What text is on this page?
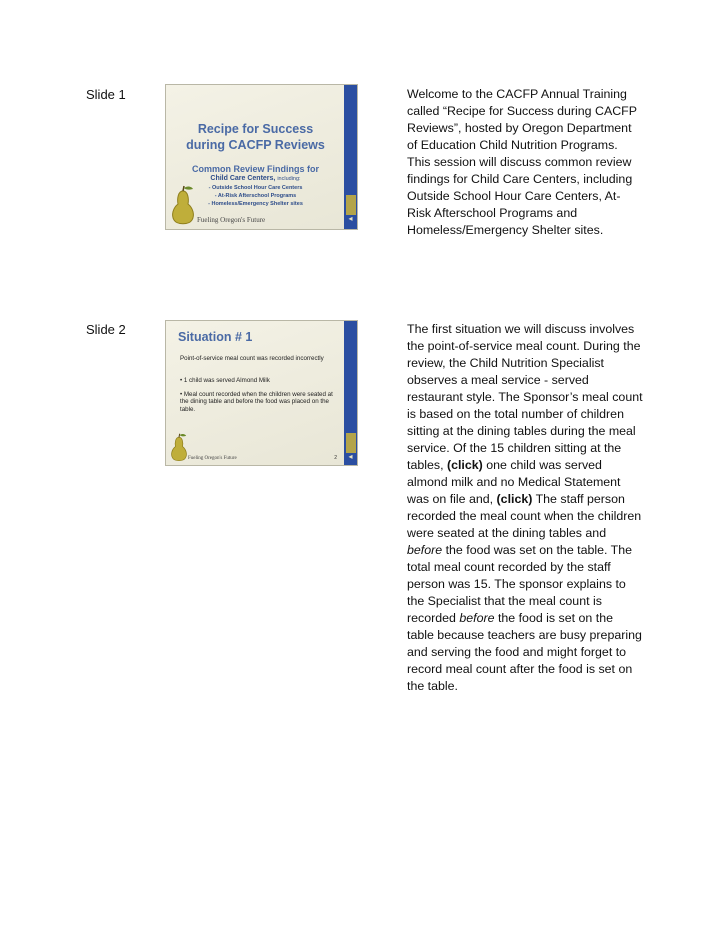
Slide 1
◂
Recipe for Success
during CACFP Reviews
Common Review Findings for
Child Care Centers, including:
- Outside School Hour Care Centers
- At-Risk Afterschool Programs
- Homeless/Emergency Shelter sites
Fueling Oregon's Future
Welcome to the CACFP Annual Training called “Recipe for Success during CACFP Reviews”, hosted by Oregon Department of Education Child Nutrition Programs. This session will discuss common review findings for Child Care Centers, including Outside School Hour Care Centers, At-Risk Afterschool Programs and Homeless/Emergency Shelter sites.
Slide 2
◂
Situation # 1
Point-of-service meal count was recorded incorrectly
• 1 child was served Almond Milk
• Meal count recorded when the children were seated at the dining table and before the food was placed on the table.
Fueling Oregon's Future	2
The first situation we will discuss involves the point-of-service meal count. During the review, the Child Nutrition Specialist observes a meal service - served restaurant style. The Sponsor’s meal count is based on the total number of children sitting at the dining tables during the meal service. Of the 15 children sitting at the tables, (click) one child was served almond milk and no Medical Statement was on file and, (click) The staff person recorded the meal count when the children were seated at the dining tables and before the food was set on the table. The total meal count recorded by the staff person was 15. The sponsor explains to the Specialist that the meal count is recorded before the food is set on the table because teachers are busy preparing and serving the food and might forget to record meal count after the food is set on the table.
